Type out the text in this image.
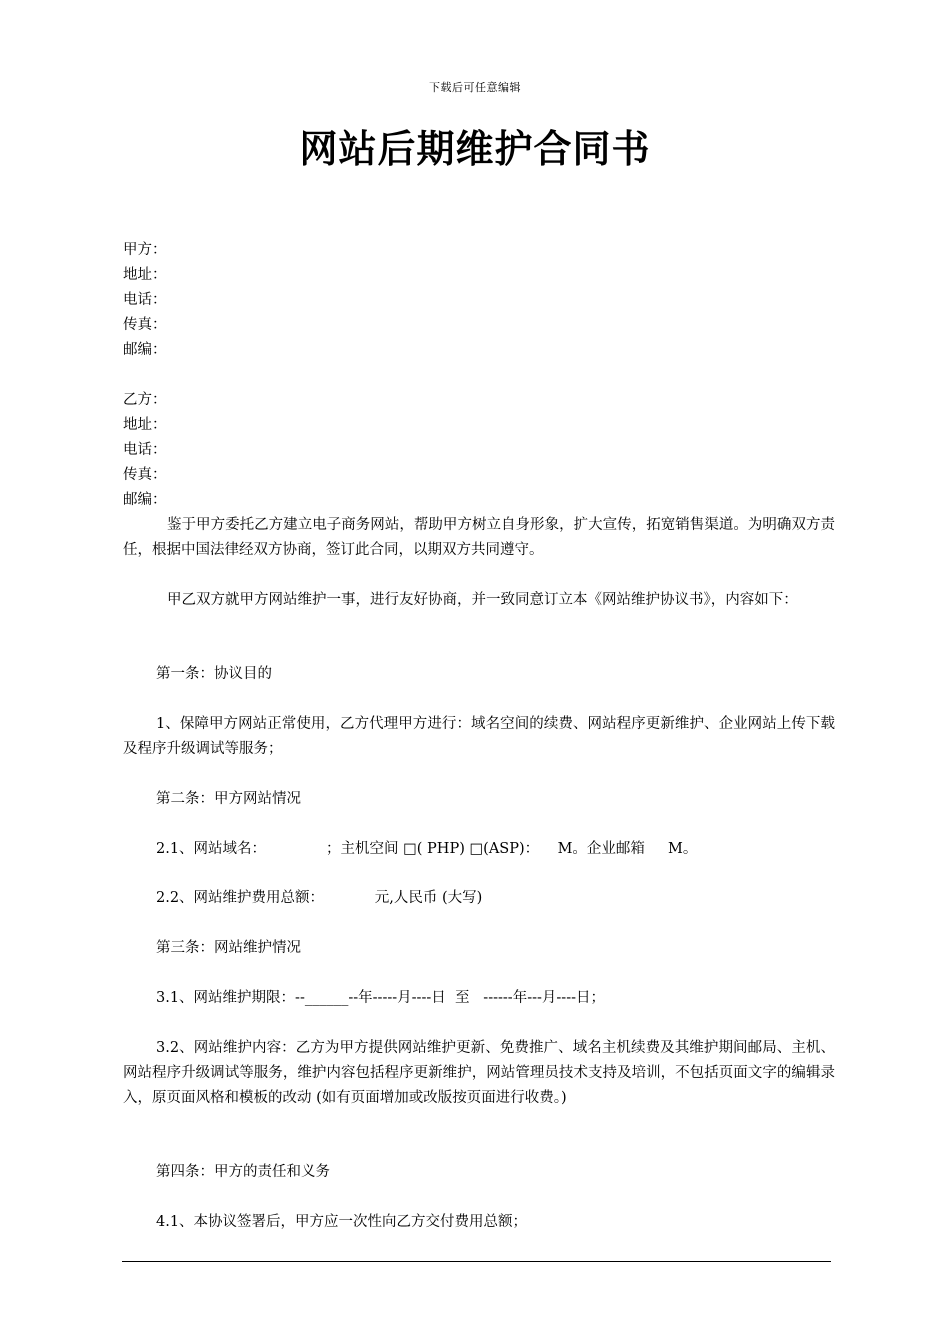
下载后可任意编辑
网站后期维护合同书
甲方：
地址：
电话：
传真：
邮编：
乙方：
地址：
电话：
传真：
邮编：
鉴于甲方委托乙方建立电子商务网站，帮助甲方树立自身形象，扩大宣传，拓宽销售渠道。为明确双方责任，根据中国法律经双方协商，签订此合同，以期双方共同遵守。
甲乙双方就甲方网站维护一事，进行友好协商，并一致同意订立本《网站维护协议书》，内容如下：
第一条：协议目的
1、保障甲方网站正常使用，乙方代理甲方进行：域名空间的续费、网站程序更新维护、企业网站上传下载及程序升级调试等服务；
第二条：甲方网站情况
2.1、网站域名：             ；主机空间 □( PHP) □(ASP)：    M。企业邮箱     M。
2.2、网站维护费用总额：           元,人民币 (大写)
第三条：网站维护情况
3.1、网站维护期限：--______--年-----月----日  至   ------年---月----日；
3.2、网站维护内容：乙方为甲方提供网站维护更新、免费推广、域名主机续费及其维护期间邮局、主机、网站程序升级调试等服务，维护内容包括程序更新维护，网站管理员技术支持及培训，不包括页面文字的编辑录入，原页面风格和模板的改动 (如有页面增加或改版按页面进行收费。)
第四条：甲方的责任和义务
4.1、本协议签署后，甲方应一次性向乙方交付费用总额；
